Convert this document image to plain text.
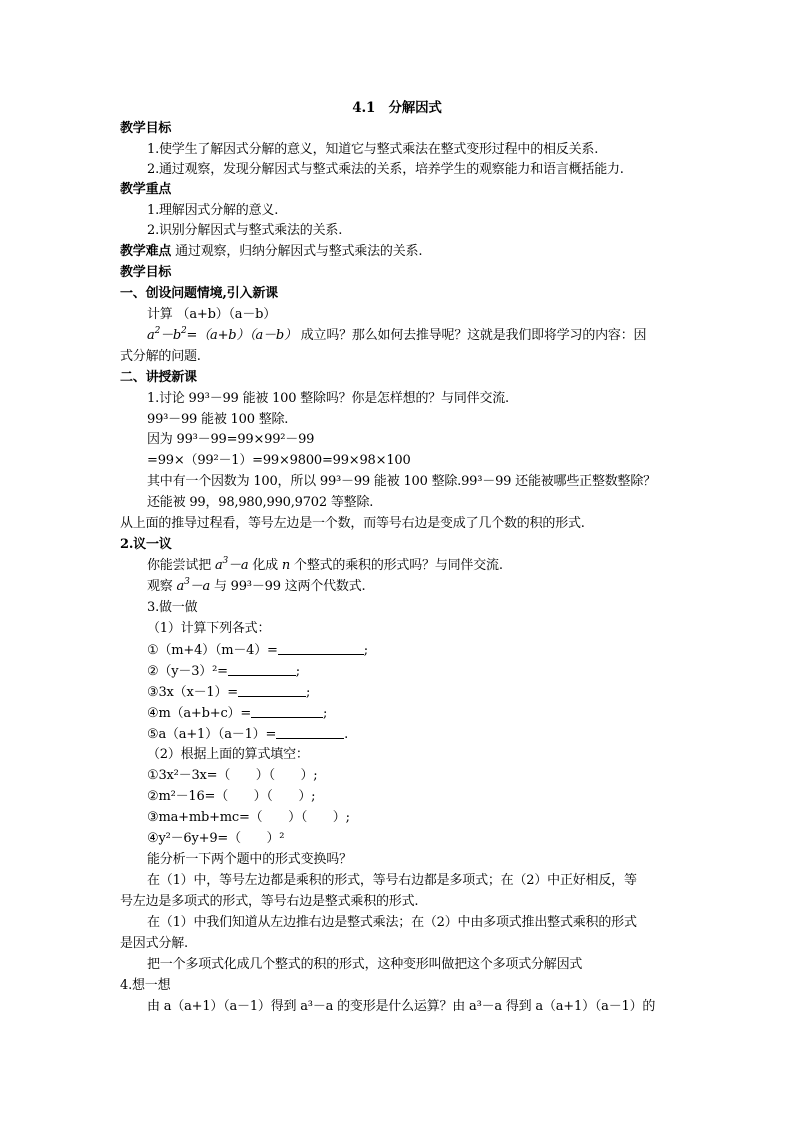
4.1　分解因式
教学目标
1.使学生了解因式分解的意义，知道它与整式乘法在整式变形过程中的相反关系.
2.通过观察，发现分解因式与整式乘法的关系，培养学生的观察能力和语言概括能力.
教学重点
1.理解因式分解的意义.
2.识别分解因式与整式乘法的关系.
教学难点 通过观察，归纳分解因式与整式乘法的关系.
教学目标
一、创设问题情境,引入新课
计算 （a+b）（a－b）
$a^2-b^2=(a+b)(a-b)$ 成立吗？那么如何去推导呢？这就是我们即将学习的内容：因
式分解的问题.
二、讲授新课
1.讨论 99³－99 能被 100 整除吗？你是怎样想的？与同伴交流.
99³－99 能被 100 整除.
因为 99³－99=99×99²－99
=99×（99²－1）=99×9800=99×98×100
其中有一个因数为 100，所以 99³－99 能被 100 整除.99³－99 还能被哪些正整数整除？
还能被 99，98,980,990,9702 等整除.
从上面的推导过程看，等号左边是一个数，而等号右边是变成了几个数的积的形式.
2.议一议
你能尝试把 $a^3-a$ 化成 n 个整式的乘积的形式吗？与同伴交流.
观察 $a^3-a$ 与 99³－99 这两个代数式.
3.做一做
（1）计算下列各式：
①（m+4）（m－4）=	;
②（y－3）²=	;
③3x（x－1）=	;
④m（a+b+c）=	;
⑤a（a+1）（a－1）=	.
（2）根据上面的算式填空：
①3x²－3x=（　　）（　　）;
②m²－16=（　　）（　　）;
③ma+mb+mc=（　　）（　　）;
④y²－6y+9=（　　）²
能分析一下两个题中的形式变换吗？
在（1）中，等号左边都是乘积的形式，等号右边都是多项式；在（2）中正好相反，等
号左边是多项式的形式，等号右边是整式乘积的形式.
在（1）中我们知道从左边推右边是整式乘法；在（2）中由多项式推出整式乘积的形式
是因式分解.
把一个多项式化成几个整式的积的形式，这种变形叫做把这个多项式分解因式
4.想一想
由 a（a+1）（a－1）得到 a³－a 的变形是什么运算？由 a³－a 得到 a（a+1）（a－1）的
